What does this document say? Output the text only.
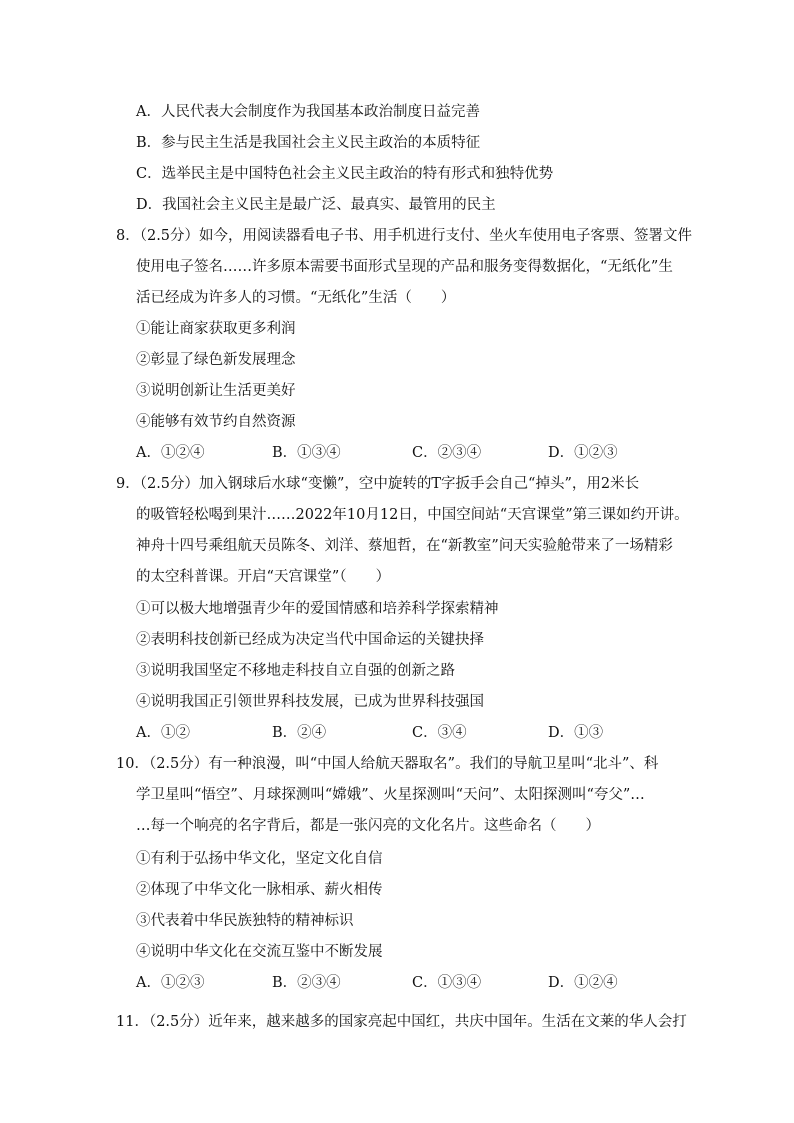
A．人民代表大会制度作为我国基本政治制度日益完善
B．参与民主生活是我国社会主义民主政治的本质特征
C．选举民主是中国特色社会主义民主政治的特有形式和独特优势
D．我国社会主义民主是最广泛、最真实、最管用的民主
8．（2.5分）如今，用阅读器看电子书、用手机进行支付、坐火车使用电子客票、签署文件
使用电子签名……许多原本需要书面形式呈现的产品和服务变得数据化，“无纸化”生
活已经成为许多人的习惯。“无纸化”生活（　　）
①能让商家获取更多利润
②彰显了绿色新发展理念
③说明创新让生活更美好
④能够有效节约自然资源
A．①②④	B．①③④	C．②③④	D．①②③
9．（2.5分）加入钢球后水球“变懒”，空中旋转的T字扳手会自己“掉头”，用2米长
的吸管轻松喝到果汁……2022年10月12日，中国空间站“天宫课堂”第三课如约开讲。
神舟十四号乘组航天员陈冬、刘洋、蔡旭哲，在“新教室”问天实验舱带来了一场精彩
的太空科普课。开启“天宫课堂”（　　）
①可以极大地增强青少年的爱国情感和培养科学探索精神
②表明科技创新已经成为决定当代中国命运的关键抉择
③说明我国坚定不移地走科技自立自强的创新之路
④说明我国正引领世界科技发展，已成为世界科技强国
A．①②	B．②④	C．③④	D．①③
10．（2.5分）有一种浪漫，叫“中国人给航天器取名”。我们的导航卫星叫“北斗”、科
学卫星叫“悟空”、月球探测叫“嫦娥”、火星探测叫“天问”、太阳探测叫“夸父”…
…每一个响亮的名字背后，都是一张闪亮的文化名片。这些命名（　　）
①有利于弘扬中华文化，坚定文化自信
②体现了中华文化一脉相承、薪火相传
③代表着中华民族独特的精神标识
④说明中华文化在交流互鉴中不断发展
A．①②③	B．②③④	C．①③④	D．①②④
11．（2.5分）近年来，越来越多的国家亮起中国红，共庆中国年。生活在文莱的华人会打
